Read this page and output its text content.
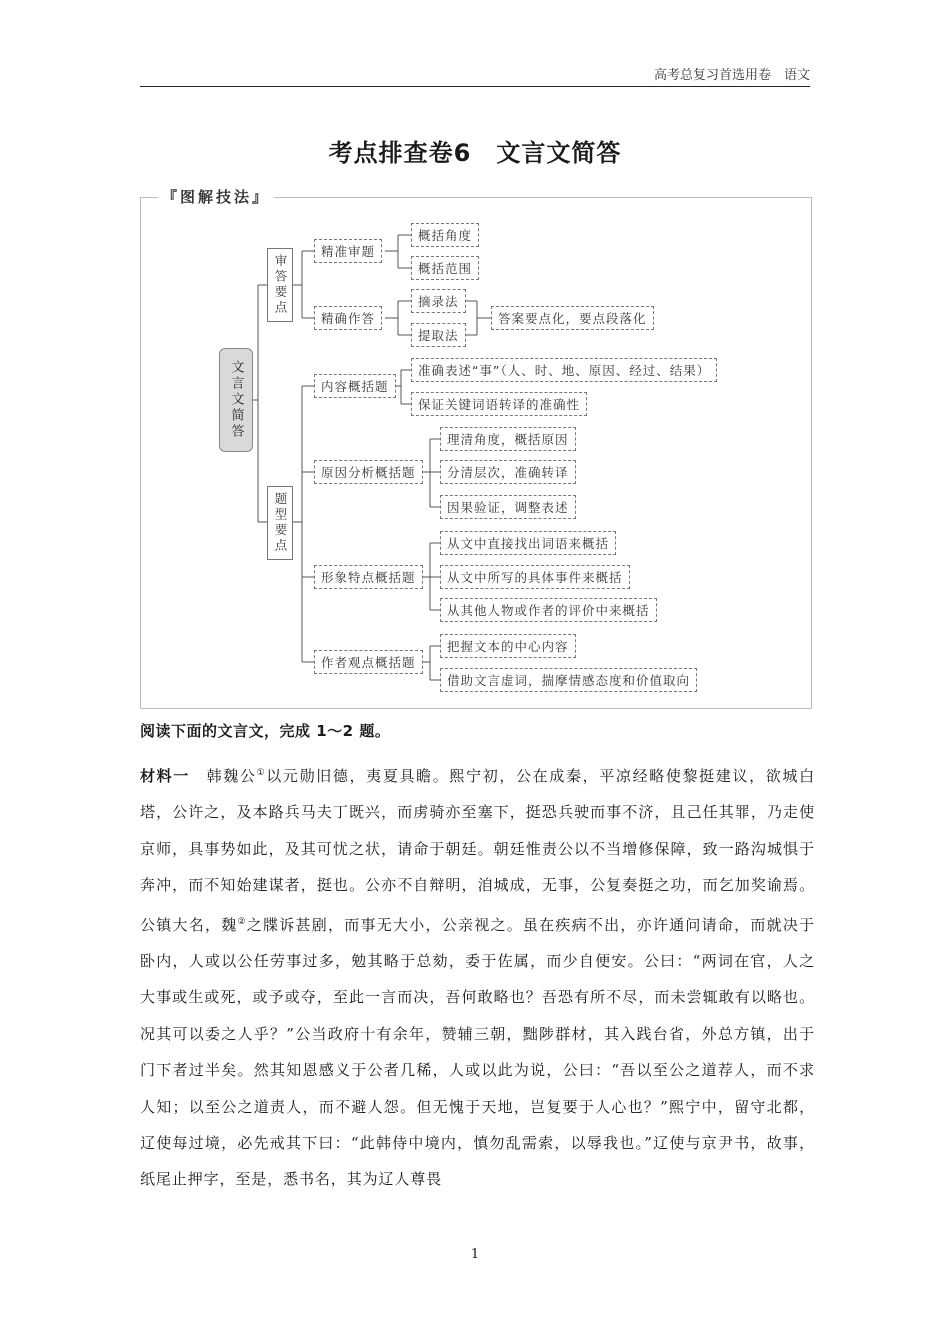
高考总复习首选用卷　语文
考点排查卷6　文言文简答
『图解技法』
文言文简答
审答要点
精准审题
概括角度
概括范围
精确作答
摘录法
提取法
答案要点化，要点段落化
题型要点
内容概括题
准确表述“事”（人、时、地、原因、经过、结果）
保证关键词语转译的准确性
原因分析概括题
理清角度，概括原因
分清层次，准确转译
因果验证，调整表述
形象特点概括题
从文中直接找出词语来概括
从文中所写的具体事件来概括
从其他人物或作者的评价中来概括
作者观点概括题
把握文本的中心内容
借助文言虚词，揣摩情感态度和价值取向

阅读下面的文言文，完成 1～2 题。

材料一　 韩魏公①以元勋旧德，夷夏具瞻。熙宁初，公在成秦，平凉经略使黎挺建议，欲城白塔，公许之，及本路兵马夫丁既兴，而虏骑亦至塞下，挺恐兵驶而事不济，且己任其罪，乃走使京师，具事势如此，及其可忧之状，请命于朝廷。朝廷惟责公以不当增修保障，致一路沟城惧于奔冲，而不知始建谋者，挺也。公亦不自辩明，洎城成，无事，公复奏挺之功，而乞加奖谕焉。公镇大名，魏②之牒诉甚剧，而事无大小，公亲视之。虽在疾病不出，亦许通问请命，而就决于卧内，人或以公任劳事过多，勉其略于总劾，委于佐属，而少自便安。公曰：“两词在官，人之大事或生或死，或予或夺，至此一言而决，吾何敢略也？吾恐有所不尽，而未尝辄敢有以略也。况其可以委之人乎？”公当政府十有余年，赞辅三朝，黜陟群材，其入践台省，外总方镇，出于门下者过半矣。然其知恩感义于公者几稀，人或以此为说，公曰：“吾以至公之道荐人，而不求人知；以至公之道责人，而不避人怨。但无愧于天地，岂复要于人心也？”熙宁中，留守北都，辽使每过境，必先戒其下曰：“此韩侍中境内，慎勿乱需索，以辱我也。”辽使与京尹书，故事，纸尾止押字，至是，悉书名，其为辽人尊畏

1
